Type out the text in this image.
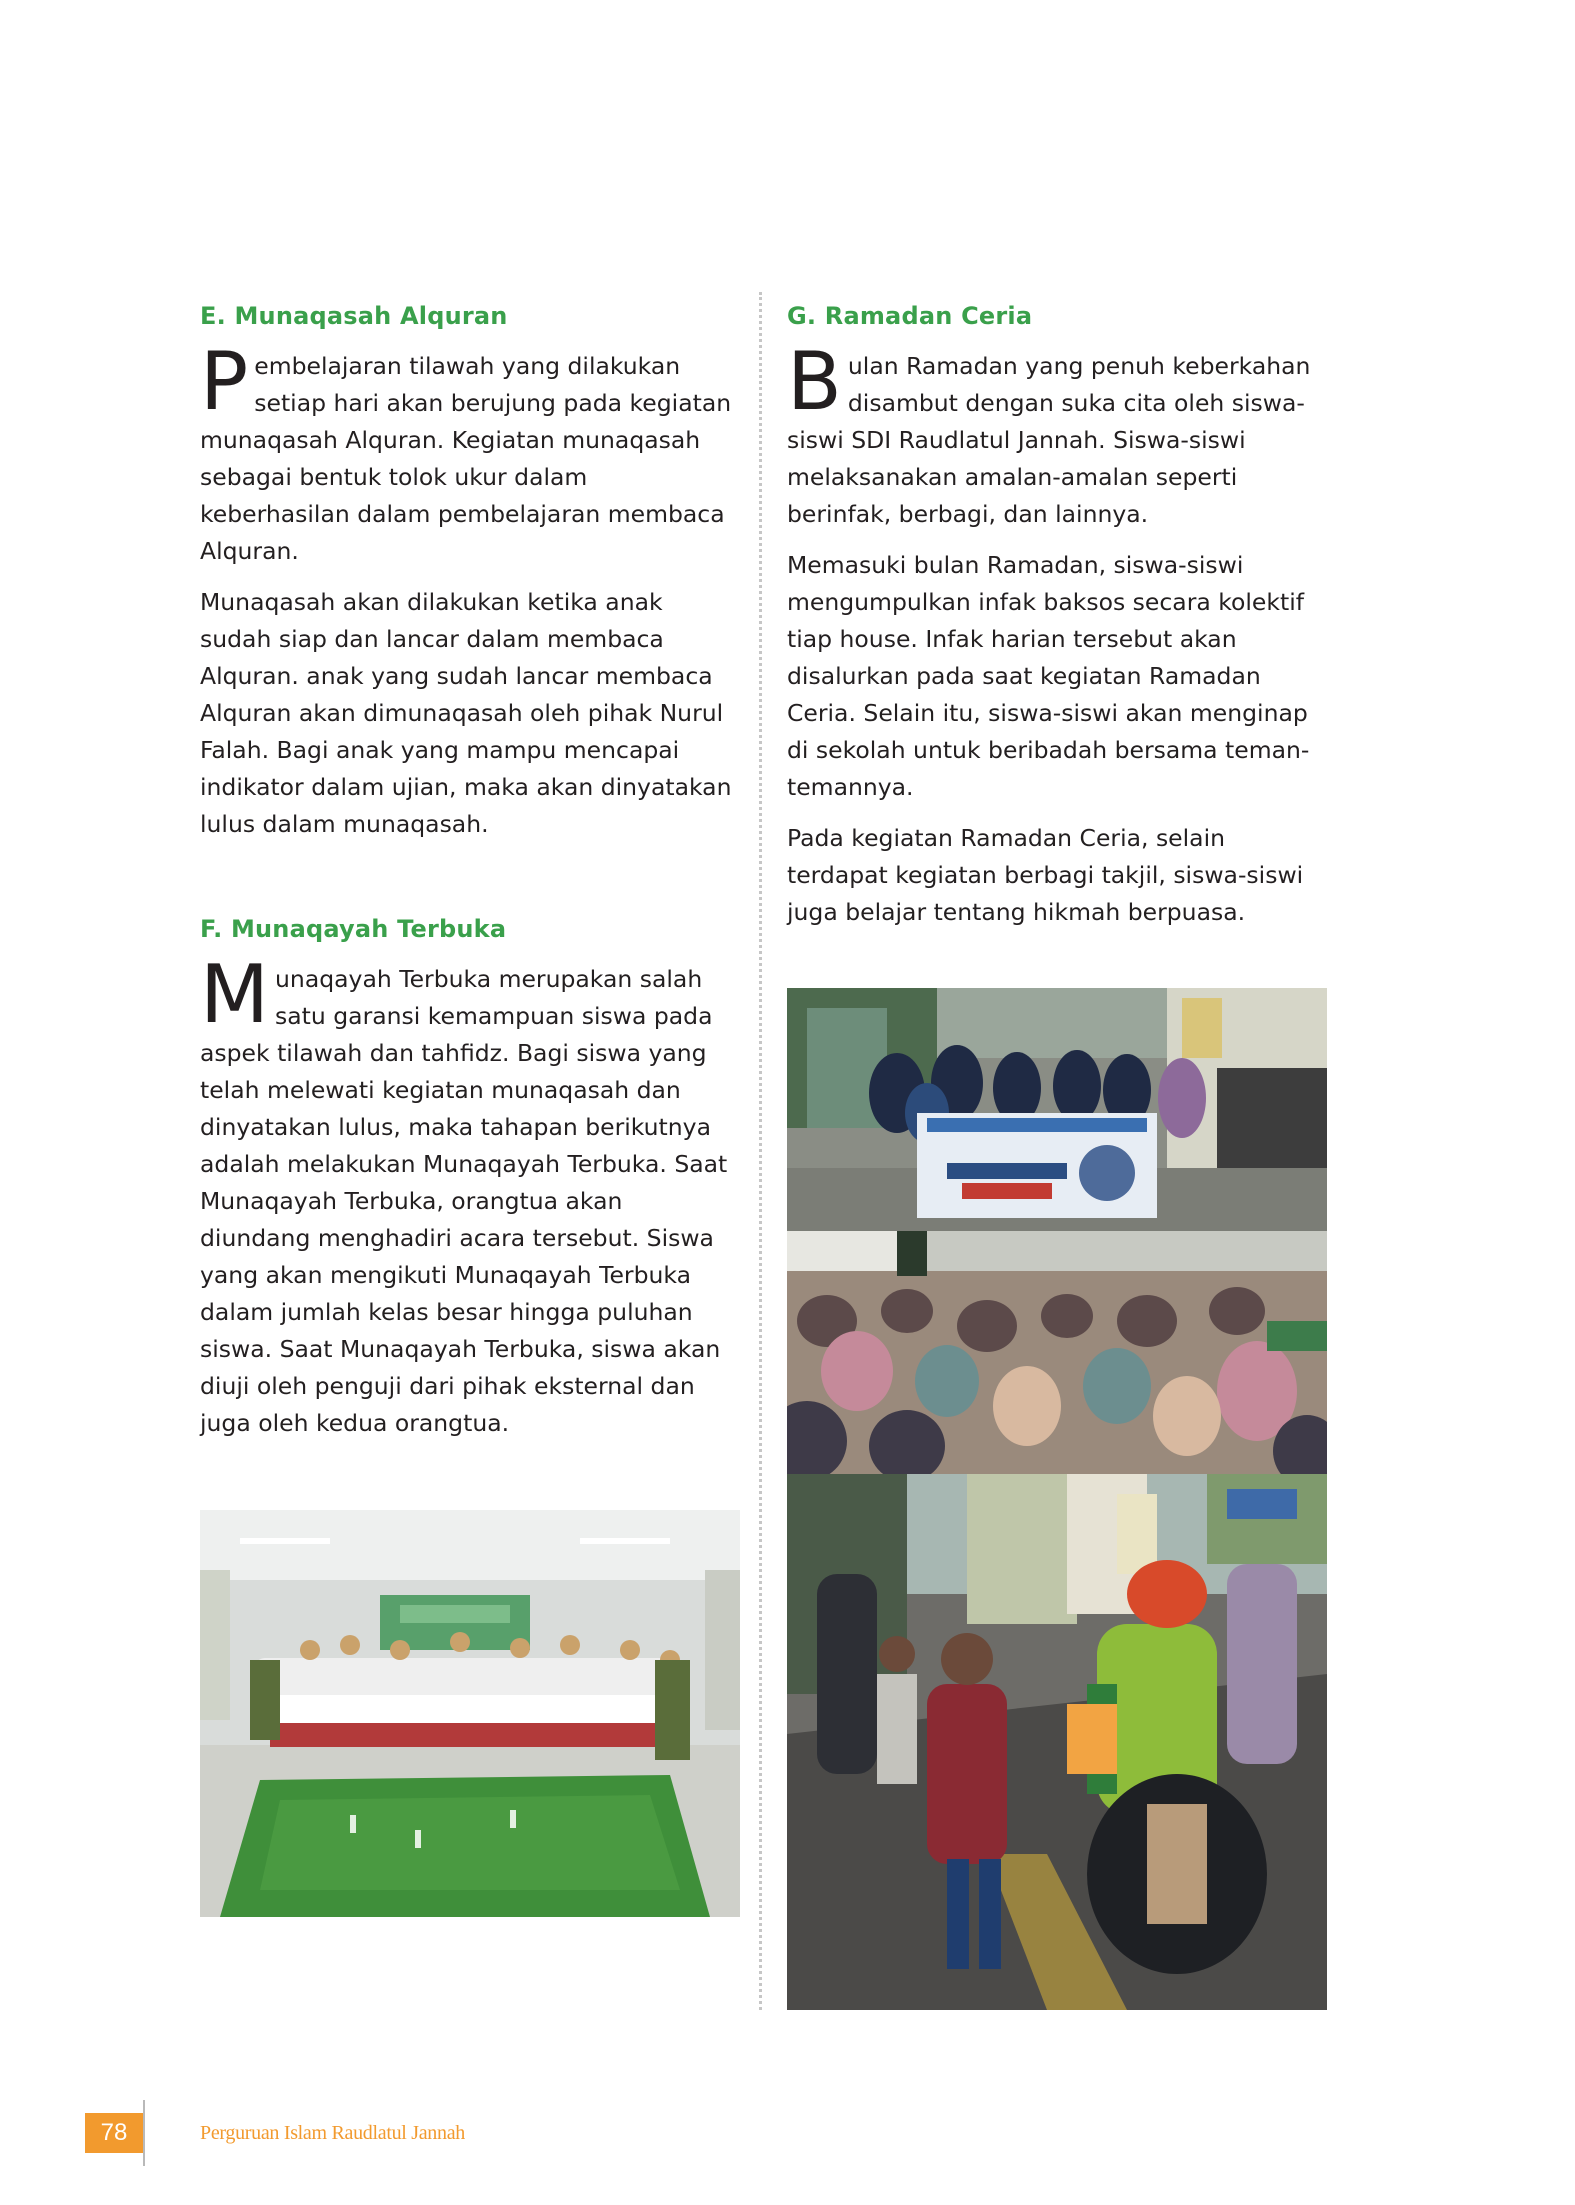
E. Munaqasah Alquran

Pembelajaran tilawah yang dilakukan setiap hari akan berujung pada kegiatan munaqasah Alquran. Kegiatan munaqasah sebagai bentuk tolok ukur dalam keberhasilan dalam pembelajaran membaca Alquran.

Munaqasah akan dilakukan ketika anak sudah siap dan lancar dalam membaca Alquran. anak yang sudah lancar membaca Alquran akan dimunaqasah oleh pihak Nurul Falah. Bagi anak yang mampu mencapai indikator dalam ujian, maka akan dinyatakan lulus dalam munaqasah.

F. Munaqayah Terbuka

Munaqayah Terbuka merupakan salah satu garansi kemampuan siswa pada aspek tilawah dan tahfidz. Bagi siswa yang telah melewati kegiatan munaqasah dan dinyatakan lulus, maka tahapan berikutnya adalah melakukan Munaqayah Terbuka. Saat Munaqayah Terbuka, orangtua akan diundang menghadiri acara tersebut. Siswa yang akan mengikuti Munaqayah Terbuka dalam jumlah kelas besar hingga puluhan siswa. Saat Munaqayah Terbuka, siswa akan diuji oleh penguji dari pihak eksternal dan juga oleh kedua orangtua.

G. Ramadan Ceria

Bulan Ramadan yang penuh keberkahan disambut dengan suka cita oleh siswa-siswi SDI Raudlatul Jannah. Siswa-siswi melaksanakan amalan-amalan seperti berinfak, berbagi, dan lainnya.

Memasuki bulan Ramadan, siswa-siswi mengumpulkan infak baksos secara kolektif tiap house. Infak harian tersebut akan disalurkan pada saat kegiatan Ramadan Ceria. Selain itu, siswa-siswi akan menginap di sekolah untuk beribadah bersama teman-temannya.

Pada kegiatan Ramadan Ceria, selain terdapat kegiatan berbagi takjil, siswa-siswi juga belajar tentang hikmah berpuasa.

78	Perguruan Islam Raudlatul Jannah
